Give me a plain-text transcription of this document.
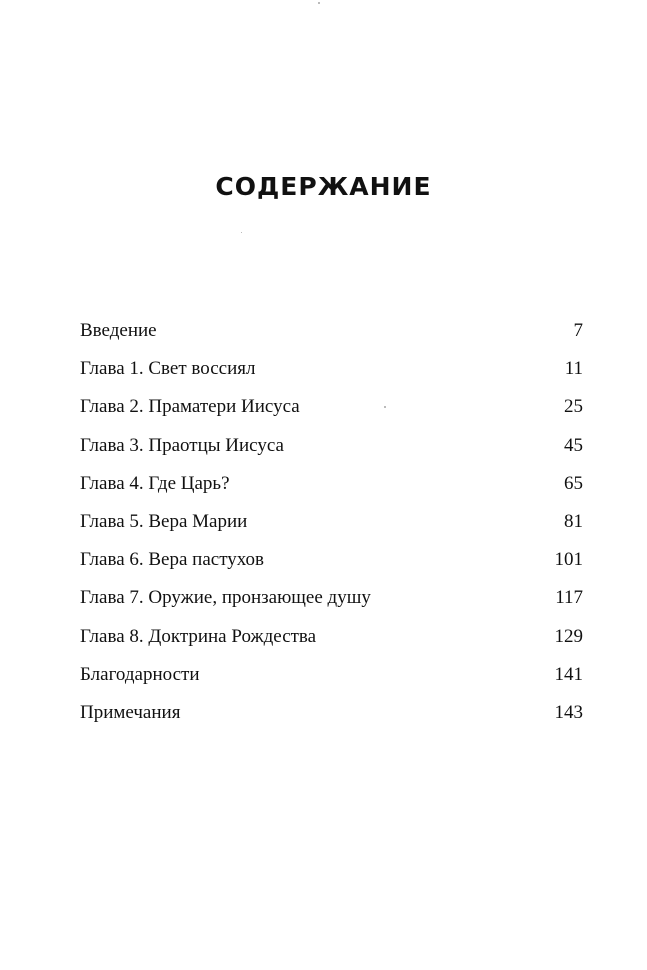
СОДЕРЖАНИЕ
Введение	7
Глава 1. Свет воссиял	11
Глава 2. Праматери Иисуса	25
Глава 3. Праотцы Иисуса	45
Глава 4. Где Царь?	65
Глава 5. Вера Марии	81
Глава 6. Вера пастухов	101
Глава 7. Оружие, пронзающее душу	117
Глава 8. Доктрина Рождества	129
Благодарности	141
Примечания	143
